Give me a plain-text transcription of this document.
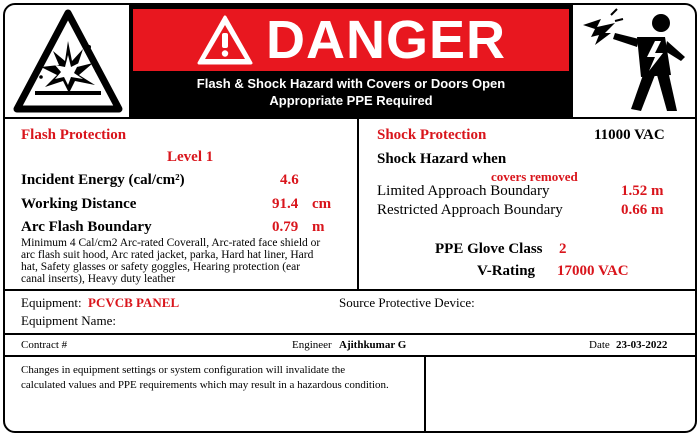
DANGER
Flash & Shock Hazard with Covers or Doors Open
Appropriate PPE Required
Flash Protection
Level 1
Incident Energy (cal/cm²)	4.6
Working Distance	91.4 cm
Arc Flash Boundary	0.79 m
Minimum 4 Cal/cm2 Arc-rated Coverall, Arc-rated face shield or arc flash suit hood, Arc rated jacket, parka, Hard hat liner, Hard hat, Safety glasses or safety goggles, Hearing protection (ear canal inserts), Heavy duty leather
Shock Protection	11000 VAC
Shock Hazard when
covers removed
Limited Approach Boundary	1.52 m
Restricted Approach Boundary	0.66 m
PPE Glove Class 2
V-Rating 17000 VAC
Equipment: PCVCB PANEL	Source Protective Device:
Equipment Name:
Contract #	Engineer Ajithkumar G	Date 23-03-2022
Changes in equipment settings or system configuration will invalidate the calculated values and PPE requirements which may result in a hazardous condition.
